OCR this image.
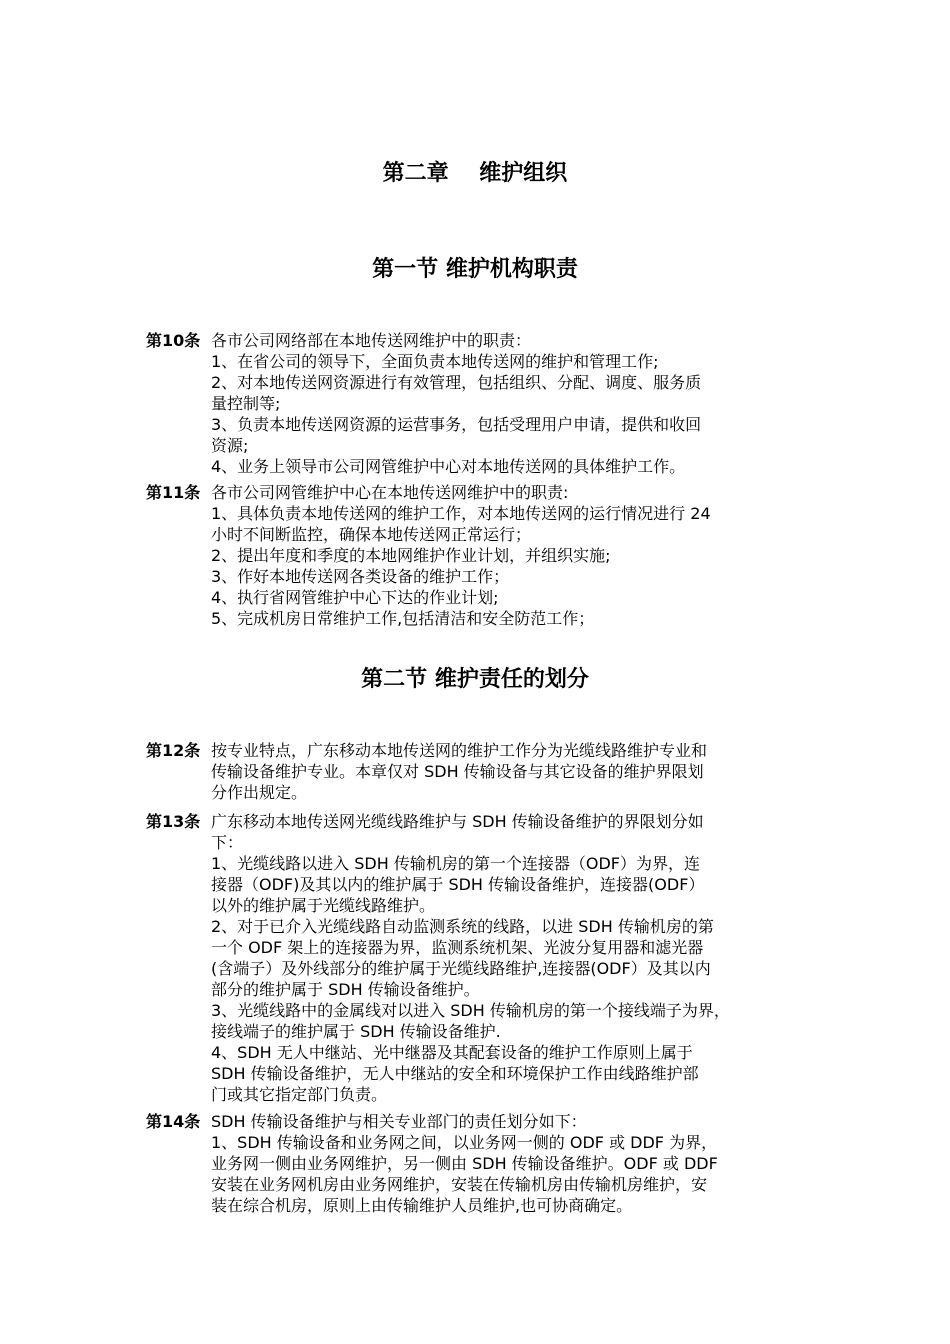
第二章    维护组织
第一节 维护机构职责
第10条 各市公司网络部在本地传送网维护中的职责：
1、在省公司的领导下，全面负责本地传送网的维护和管理工作;
2、对本地传送网资源进行有效管理，包括组织、分配、调度、服务质
量控制等;
3、负责本地传送网资源的运营事务，包括受理用户申请，提供和收回
资源;
4、业务上领导市公司网管维护中心对本地传送网的具体维护工作。
第11条 各市公司网管维护中心在本地传送网维护中的职责:
1、具体负责本地传送网的维护工作，对本地传送网的运行情况进行 24
小时不间断监控，确保本地传送网正常运行；
2、提出年度和季度的本地网维护作业计划，并组织实施;
3、作好本地传送网各类设备的维护工作；
4、执行省网管维护中心下达的作业计划;
5、完成机房日常维护工作,包括清洁和安全防范工作；
第二节 维护责任的划分
第12条 按专业特点，广东移动本地传送网的维护工作分为光缆线路维护专业和
传输设备维护专业。本章仅对 SDH 传输设备与其它设备的维护界限划
分作出规定。
第13条 广东移动本地传送网光缆线路维护与 SDH 传输设备维护的界限划分如
下：
1、光缆线路以进入 SDH 传输机房的第一个连接器（ODF）为界，连
接器（ODF)及其以内的维护属于 SDH 传输设备维护，连接器(ODF）
以外的维护属于光缆线路维护。
2、对于已介入光缆线路自动监测系统的线路，以进 SDH 传输机房的第
一个 ODF 架上的连接器为界，监测系统机架、光波分复用器和滤光器
(含端子）及外线部分的维护属于光缆线路维护,连接器(ODF）及其以内
部分的维护属于 SDH 传输设备维护。
3、光缆线路中的金属线对以进入 SDH 传输机房的第一个接线端子为界，
接线端子的维护属于 SDH 传输设备维护.
4、SDH 无人中继站、光中继器及其配套设备的维护工作原则上属于
SDH 传输设备维护，无人中继站的安全和环境保护工作由线路维护部
门或其它指定部门负责。
第14条 SDH 传输设备维护与相关专业部门的责任划分如下：
1、SDH 传输设备和业务网之间，以业务网一侧的 ODF 或 DDF 为界，
业务网一侧由业务网维护，另一侧由 SDH 传输设备维护。ODF 或 DDF
安装在业务网机房由业务网维护，安装在传输机房由传输机房维护，安
装在综合机房，原则上由传输维护人员维护,也可协商确定。
